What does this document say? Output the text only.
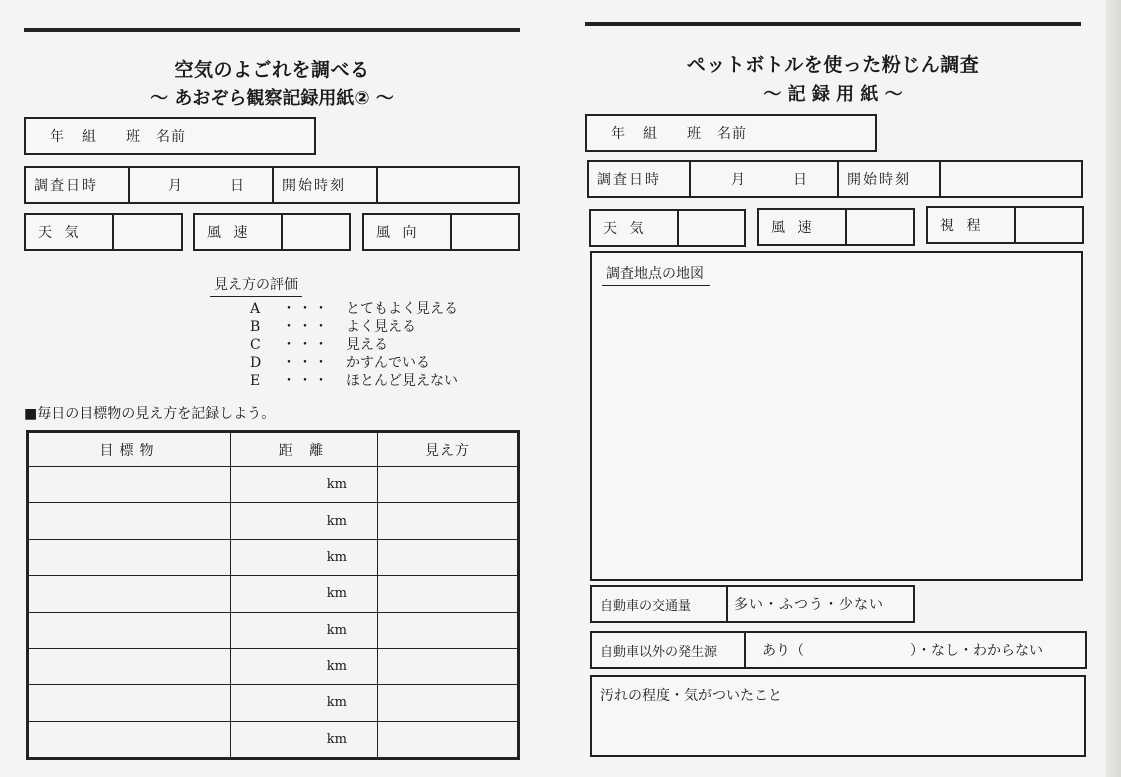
空気のよごれを調べる
～ あおぞら観察記録用紙② ～
年 組 班 名前
調査日時	月	日	開始時刻
天 気	風 速	風 向
見え方の評価
A ・・・ とてもよく見える
B ・・・ よく見える
C ・・・ 見える
D ・・・ かすんでいる
E ・・・ ほとんど見えない
■毎日の目標物の見え方を記録しよう。
目標物	距 離	見え方
	km	
	km	
	km	
	km	
	km	
	km	
	km	
	km	
ペットボトルを使った粉じん調査
～ 記 録 用 紙 ～
年 組 班 名前
調査日時	月	日	開始時刻
天 気	風 速	視 程
調査地点の地図
自動車の交通量	多い・ふつう・少ない
自動車以外の発生源	あり（	）・なし・わからない
汚れの程度・気がついたこと
